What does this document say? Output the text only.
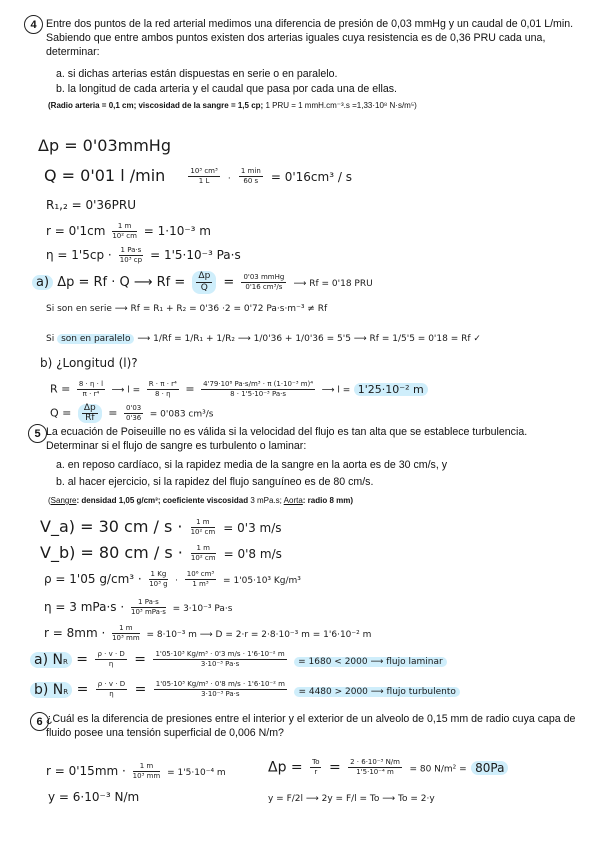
4 Entre dos puntos de la red arterial medimos una diferencia de presión de 0,03 mmHg y un caudal de 0,01 L/min. Sabiendo que entre ambos puntos existen dos arterias iguales cuya resistencia es de 0,36 PRU cada una, determinar:
a. si dichas arterias están dispuestas en serie o en paralelo.
b. la longitud de cada arteria y el caudal que pasa por cada una de ellas.
(Radio arteria = 0,1 cm; viscosidad de la sangre = 1,5 cp; 1 PRU = 1 mmH.cm⁻³.s =1,33·10⁸ N·s/m⁵)
Δp = 0'03mmHg
Q = 0'01 l /min	$\frac{\text{10³ cm³}}{1 L} \cdot \frac{1 \min}{60 s} = 0'16cm^3 / s$
R₁,₂ = 0'36PRU
$r = 0'1cm \frac{1 m}{\text{10² cm}} = 1\cdot 10^{-3}$ m
$\eta = 1'5cp \cdot \frac{1 Pa\cdot s}{\text{10³ cp}} = 1'5\cdot 10^{-3}$ Pa·s
a) Δp = Rf · Q ⟶ $Rf = \frac{\Delta p}{Q} = \frac{\text{0'03 mmHg}}{\text{0'16 cm³/s}}$ ⟶ Rf = 0'18 PRU
Si son en serie ⟶ Rf = R₁ + R₂ = 0'36 ·2 = 0'72 Pa·s·m⁻³ ≠ Rf
Si son en paralelo ⟶ 1/Rf = 1/R₁ + 1/R₂ ⟶ 1/0'36 + 1/0'36 = 5'5 ⟶ Rf = 1/5'5 = 0'18 = Rf ✓
b) ¿Longitud (l)?
$R = \frac{8 \cdot \eta \cdot l}{\text{π · r⁴}}$ ⟶ $l = \frac{\text{R · π · r⁴}}{8 \cdot \eta} = \frac{\text{4'79·10⁸ Pa·s/m³ · π (1·10⁻³ m)⁴}}{\text{8 · 1'5·10⁻³ Pa·s}}$ ⟶ l = 1'25·10⁻² m
$Q = \frac{\Delta p}{Rf} = \frac{0'03}{0'36} = 0'083$ cm³/s
5 La ecuación de Poiseuille no es válida si la velocidad del flujo es tan alta que se establece turbulencia. Determinar si el flujo de sangre es turbulento o laminar:
a. en reposo cardíaco, si la rapidez media de la sangre en la aorta es de 30 cm/s, y
b. al hacer ejercicio, si la rapidez del flujo sanguíneo es de 80 cm/s.
(Sangre: densidad 1,05 g/cm³; coeficiente viscosidad 3 mPa.s; Aorta: radio 8 mm)
V_a) = 30 cm / $s \cdot \frac{1 m}{\text{10² cm}} = 0'3$ m/s
V_b) = 80 cm / $s \cdot \frac{1 m}{\text{10² cm}} = 0'8$ m/s
ρ = 1'05 $g/cm^3 \cdot \frac{1 Kg}{\text{10³ g}} \cdot \frac{\text{10⁶ cm³}}{\text{1 m³}} = 1'05\cdot 10^3$ Kg/m³
η = 3 $mPa\cdot s \cdot \frac{1 Pa\cdot s}{\text{10³ mPa·s}} = 3\cdot 10^{-3}$ Pa·s
$r = 8mm \cdot \frac{1 m}{\text{10³ mm}} = 8\cdot 10^{-3}$ m ⟶ D = 2·r = 2·8·10⁻³ m = 1'6·10⁻² m
a) NR = $\frac{\rho \cdot v \cdot D}{\eta} = \frac{\text{1'05·10³ Kg/m³ · 0'3 m/s · 1'6·10⁻² m}}{\text{3·10⁻³ Pa·s}} = 1680 < 2000$ ⟶ flujo laminar
b) NR = $\frac{\rho \cdot v \cdot D}{\eta} = \frac{\text{1'05·10³ Kg/m³ · 0'8 m/s · 1'6·10⁻² m}}{\text{3·10⁻³ Pa·s}} = 4480 > 2000$ ⟶ flujo turbulento
6 ¿Cuál es la diferencia de presiones entre el interior y el exterior de un alveolo de 0,15 mm de radio cuya capa de fluido posee una tensión superficial de 0,006 N/m?
$r = 0'15mm \cdot \frac{1 m}{\text{10³ mm}} = 1'5\cdot 10^{-4}$ m	$\Delta p = \frac{To}{r} = \frac{\text{2 · 6·10⁻³ N/m}}{\text{1'5·10⁻⁴ m}} = 80$ N/m² = 80Pa
y = 6·10⁻³ N/m	y = F/2l ⟶ 2y = F/l = To ⟶ To = 2·y
